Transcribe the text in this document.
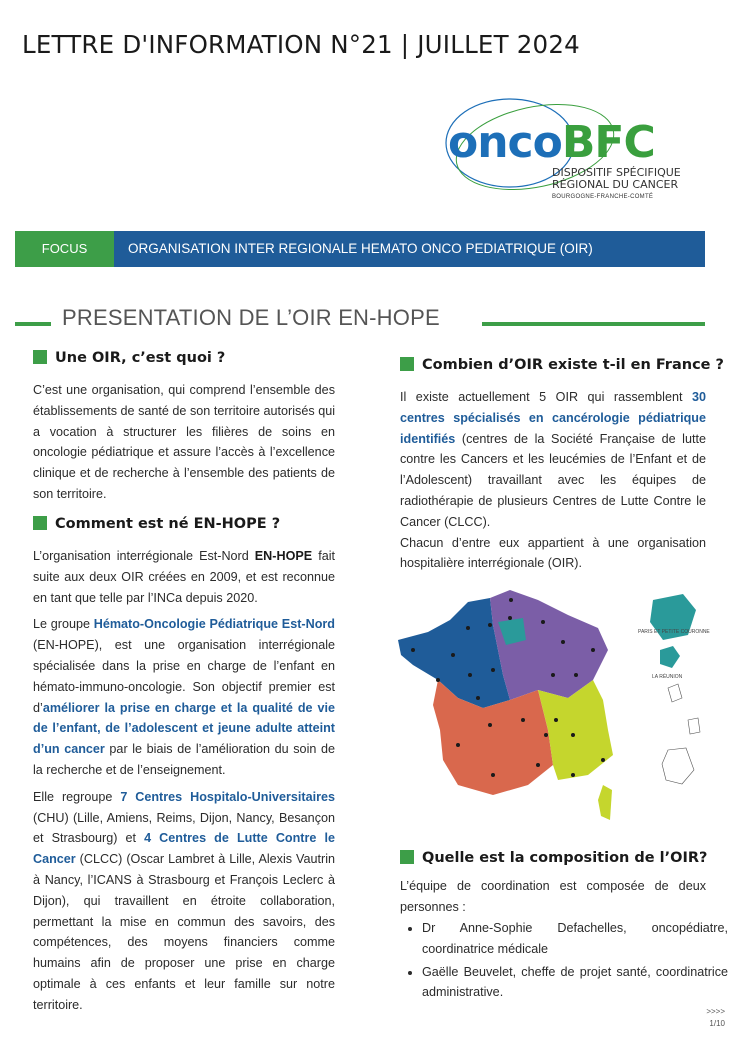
LETTRE D'INFORMATION N°21 | JUILLET 2024
oncoBFC
DISPOSITIF SPÉCIFIQUE
RÉGIONAL DU CANCER
BOURGOGNE-FRANCHE-COMTÉ
FOCUS	ORGANISATION INTER REGIONALE HEMATO ONCO PEDIATRIQUE (OIR)
PRESENTATION DE L’OIR EN-HOPE
Une OIR, c’est quoi ?
C’est une organisation, qui comprend l’ensemble des établissements de santé de son territoire autorisés qui a vocation à structurer les filières de soins en oncologie pédiatrique et assure l’accès à l’excellence clinique et de recherche à l’ensemble des patients de son territoire.
Comment est né EN-HOPE ?
L’organisation interrégionale Est-Nord EN-HOPE fait suite aux deux OIR créées en 2009, et est reconnue en tant que telle par l’INCa depuis 2020.
Le groupe Hémato-Oncologie Pédiatrique Est-Nord (EN-HOPE), est une organisation interrégionale spécialisée dans la prise en charge de l’enfant en hémato-immuno-oncologie. Son objectif premier est d’améliorer la prise en charge et la qualité de vie de l’enfant, de l’adolescent et jeune adulte atteint d’un cancer par le biais de l’amélioration du soin de la recherche et de l’enseignement.
Elle regroupe 7 Centres Hospitalo-Universitaires (CHU) (Lille, Amiens, Reims, Dijon, Nancy, Besançon et Strasbourg) et 4 Centres de Lutte Contre le Cancer (CLCC) (Oscar Lambret à Lille, Alexis Vautrin à Nancy, l’ICANS à Strasbourg et François Leclerc à Dijon), qui travaillent en étroite collaboration, permettant la mise en commun des savoirs, des compétences, des moyens financiers comme humains afin de proposer une prise en charge optimale à ces enfants et leur famille sur notre territoire.
Combien d’OIR existe t-il en France ?
Il existe actuellement 5 OIR qui rassemblent 30 centres spécialisés en cancérologie pédiatrique identifiés (centres de la Société Française de lutte contre les Cancers et les leucémies de l’Enfant et de l’Adolescent) travaillant avec les équipes de radiothérapie de plusieurs Centres de Lutte Contre le Cancer (CLCC).
Chacun d’entre eux appartient à une organisation hospitalière interrégionale (OIR).
PARIS ET PETITE COURONNE
LA RÉUNION
Quelle est la composition de l’OIR?
L’équipe de coordination est composée de deux personnes :
• Dr Anne-Sophie Defachelles, oncopédiatre, coordinatrice médicale
• Gaëlle Beuvelet, cheffe de projet santé, coordinatrice administrative.
>>>>
1/10
